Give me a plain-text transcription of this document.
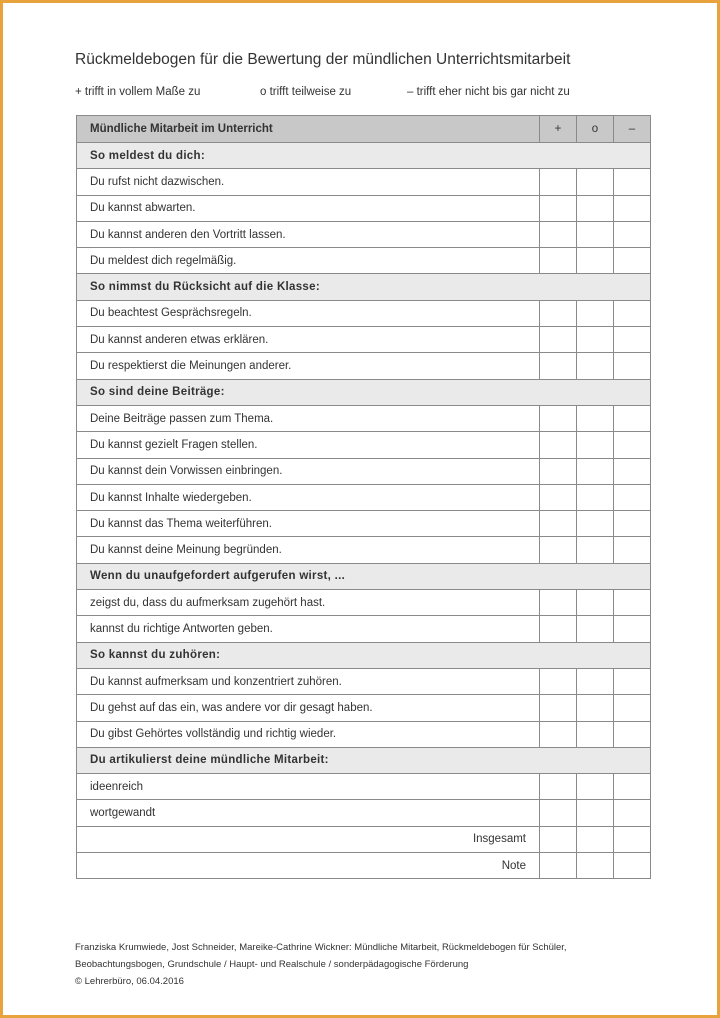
Rückmeldebogen für die Bewertung der mündlichen Unterrichtsmitarbeit
+ trifft in vollem Maße zu	o trifft teilweise zu	– trifft eher nicht bis gar nicht zu
Mündliche Mitarbeit im Unterricht	+	o	–
So meldest du dich:			
Du rufst nicht dazwischen.			
Du kannst abwarten.			
Du kannst anderen den Vortritt lassen.			
Du meldest dich regelmäßig.			
So nimmst du Rücksicht auf die Klasse:			
Du beachtest Gesprächsregeln.			
Du kannst anderen etwas erklären.			
Du respektierst die Meinungen anderer.			
So sind deine Beiträge:			
Deine Beiträge passen zum Thema.			
Du kannst gezielt Fragen stellen.			
Du kannst dein Vorwissen einbringen.			
Du kannst Inhalte wiedergeben.			
Du kannst das Thema weiterführen.			
Du kannst deine Meinung begründen.			
Wenn du unaufgefordert aufgerufen wirst, ...			
zeigst du, dass du aufmerksam zugehört hast.			
kannst du richtige Antworten geben.			
So kannst du zuhören:			
Du kannst aufmerksam und konzentriert zuhören.			
Du gehst auf das ein, was andere vor dir gesagt haben.			
Du gibst Gehörtes vollständig und richtig wieder.			
Du artikulierst deine mündliche Mitarbeit:			
ideenreich			
wortgewandt			
Insgesamt			
Note			
Franziska Krumwiede, Jost Schneider, Mareike-Cathrine Wickner: Mündliche Mitarbeit, Rückmeldebogen für Schüler,
Beobachtungsbogen, Grundschule / Haupt- und Realschule / sonderpädagogische Förderung
© Lehrerbüro, 06.04.2016
